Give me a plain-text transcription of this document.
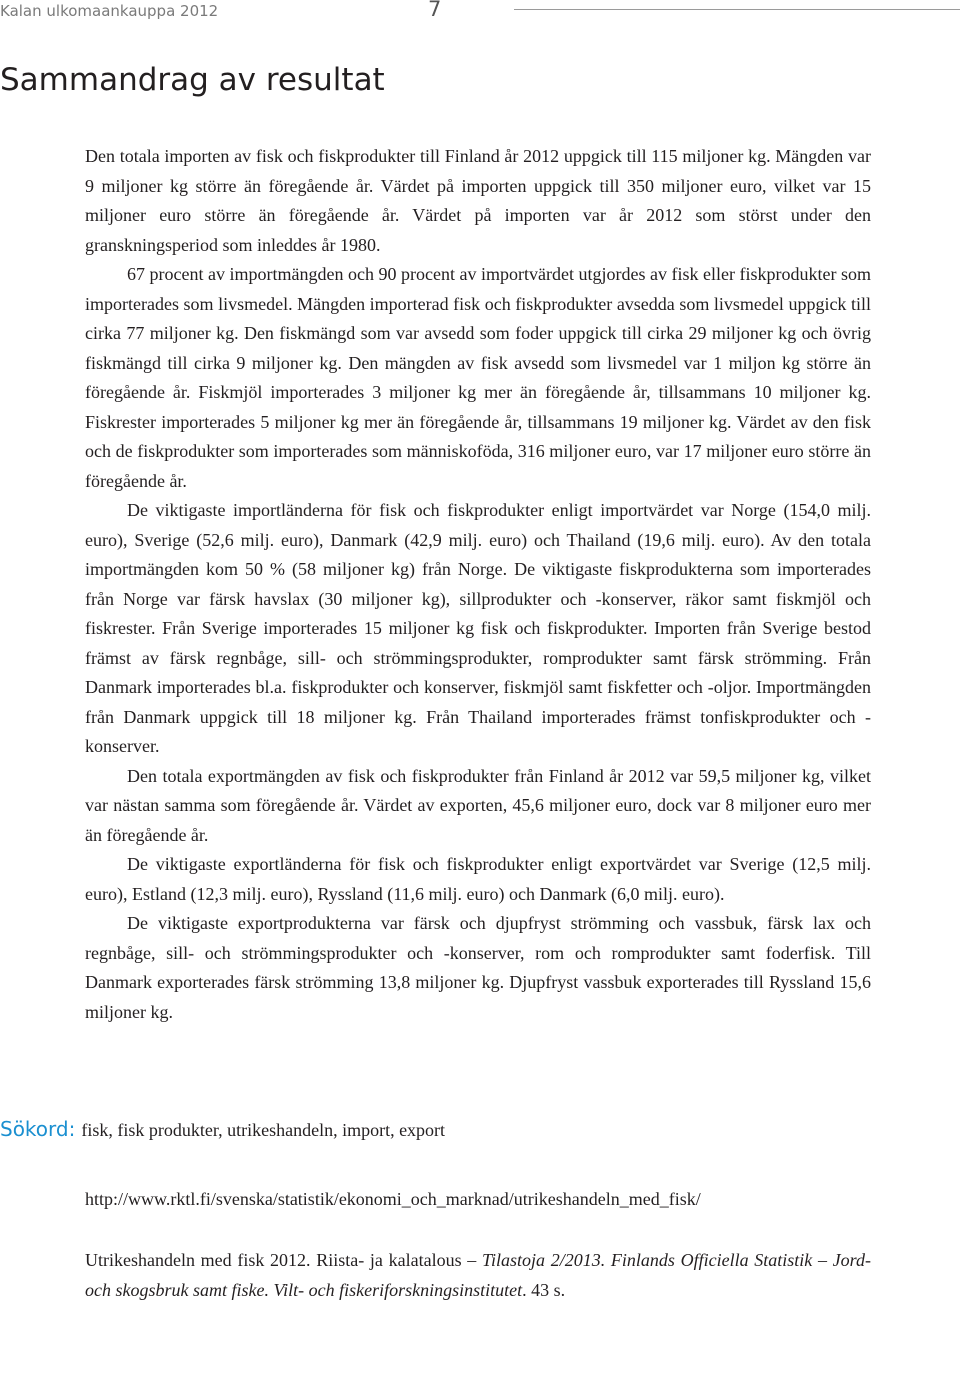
Kalan ulkomaankauppa 2012	7
Sammandrag av resultat

Den totala importen av fisk och fiskprodukter till Finland år 2012 uppgick till 115 miljoner kg. Mängden var 9 miljoner kg större än föregående år. Värdet på importen uppgick till 350 miljoner euro, vilket var 15 miljoner euro större än föregående år. Värdet på importen var år 2012 som störst under den granskningsperiod som inleddes år 1980.

67 procent av importmängden och 90 procent av importvärdet utgjordes av fisk eller fiskprodukter som importerades som livsmedel. Mängden importerad fisk och fiskprodukter avsedda som livsmedel uppgick till cirka 77 miljoner kg. Den fiskmängd som var avsedd som foder uppgick till cirka 29 miljoner kg och övrig fiskmängd till cirka 9 miljoner kg. Den mängden av fisk avsedd som livsmedel var 1 miljon kg större än föregående år. Fiskmjöl importerades 3 miljoner kg mer än föregående år, tillsammans 10 miljoner kg. Fiskrester importerades 5 miljoner kg mer än föregående år, tillsammans 19 miljoner kg. Värdet av den fisk och de fiskprodukter som importerades som människoföda, 316 miljoner euro, var 17 miljoner euro större än föregående år.

De viktigaste importländerna för fisk och fiskprodukter enligt importvärdet var Norge (154,0 milj. euro), Sverige (52,6 milj. euro), Danmark (42,9 milj. euro) och Thailand (19,6 milj. euro). Av den totala importmängden kom 50 % (58 miljoner kg) från Norge. De viktigaste fiskprodukterna som importerades från Norge var färsk havslax (30 miljoner kg), sillprodukter och -konserver, räkor samt fiskmjöl och fiskrester. Från Sverige importerades 15 miljoner kg fisk och fiskprodukter. Importen från Sverige bestod främst av färsk regnbåge, sill- och strömmingsprodukter, romprodukter samt färsk strömming. Från Danmark importerades bl.a. fiskprodukter och konserver, fiskmjöl samt fiskfetter och -oljor. Importmängden från Danmark uppgick till 18 miljoner kg. Från Thailand importerades främst tonfiskprodukter och -konserver.

Den totala exportmängden av fisk och fiskprodukter från Finland år 2012 var 59,5 miljoner kg, vilket var nästan samma som föregående år. Värdet av exporten, 45,6 miljoner euro, dock var 8 miljoner euro mer än föregående år.

De viktigaste exportländerna för fisk och fiskprodukter enligt exportvärdet var Sverige (12,5 milj. euro), Estland (12,3 milj. euro), Ryssland (11,6 milj. euro) och Danmark (6,0 milj. euro).

De viktigaste exportprodukterna var färsk och djupfryst strömming och vassbuk, färsk lax och regnbåge, sill- och strömmingsprodukter och -konserver, rom och romprodukter samt foderfisk. Till Danmark exporterades färsk strömming 13,8 miljoner kg. Djupfryst vassbuk exporterades till Ryssland 15,6 miljoner kg.

Sökord: fisk, fisk produkter, utrikeshandeln, import, export
http://www.rktl.fi/svenska/statistik/ekonomi_och_marknad/utrikeshandeln_med_fisk/

Utrikeshandeln med fisk 2012. Riista- ja kalatalous – Tilastoja 2/2013. Finlands Officiella Statistik – Jord- och skogsbruk samt fiske. Vilt- och fiskeriforskningsinstitutet. 43 s.
